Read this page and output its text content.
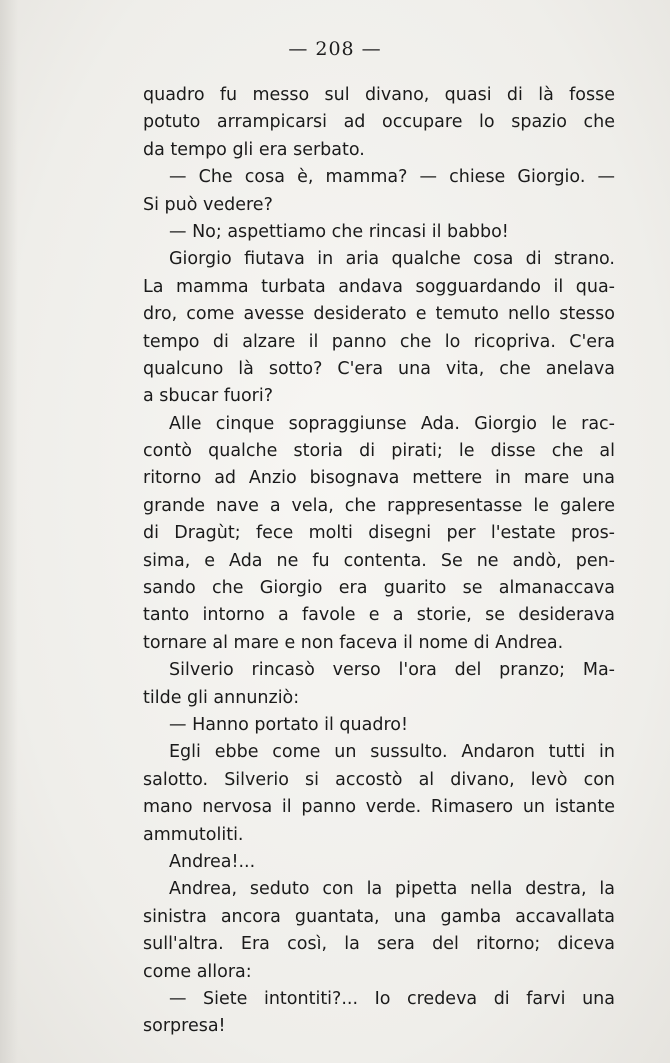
— 208 —
quadro fu messo sul divano, quasi di là fosse
potuto arrampicarsi ad occupare lo spazio che
da tempo gli era serbato.
— Che cosa è, mamma? — chiese Giorgio. —
Si può vedere?
— No; aspettiamo che rincasi il babbo!
Giorgio fiutava in aria qualche cosa di strano.
La mamma turbata andava sogguardando il qua-
dro, come avesse desiderato e temuto nello stesso
tempo di alzare il panno che lo ricopriva. C'era
qualcuno là sotto? C'era una vita, che anelava
a sbucar fuori?
Alle cinque sopraggiunse Ada. Giorgio le rac-
contò qualche storia di pirati; le disse che al
ritorno ad Anzio bisognava mettere in mare una
grande nave a vela, che rappresentasse le galere
di Dragùt; fece molti disegni per l'estate pros-
sima, e Ada ne fu contenta. Se ne andò, pen-
sando che Giorgio era guarito se almanaccava
tanto intorno a favole e a storie, se desiderava
tornare al mare e non faceva il nome di Andrea.
Silverio rincasò verso l'ora del pranzo; Ma-
tilde gli annunziò:
— Hanno portato il quadro!
Egli ebbe come un sussulto. Andaron tutti in
salotto. Silverio si accostò al divano, levò con
mano nervosa il panno verde. Rimasero un istante
ammutoliti.
Andrea!...
Andrea, seduto con la pipetta nella destra, la
sinistra ancora guantata, una gamba accavallata
sull'altra. Era così, la sera del ritorno; diceva
come allora:
— Siete intontiti?... Io credeva di farvi una
sorpresa!
